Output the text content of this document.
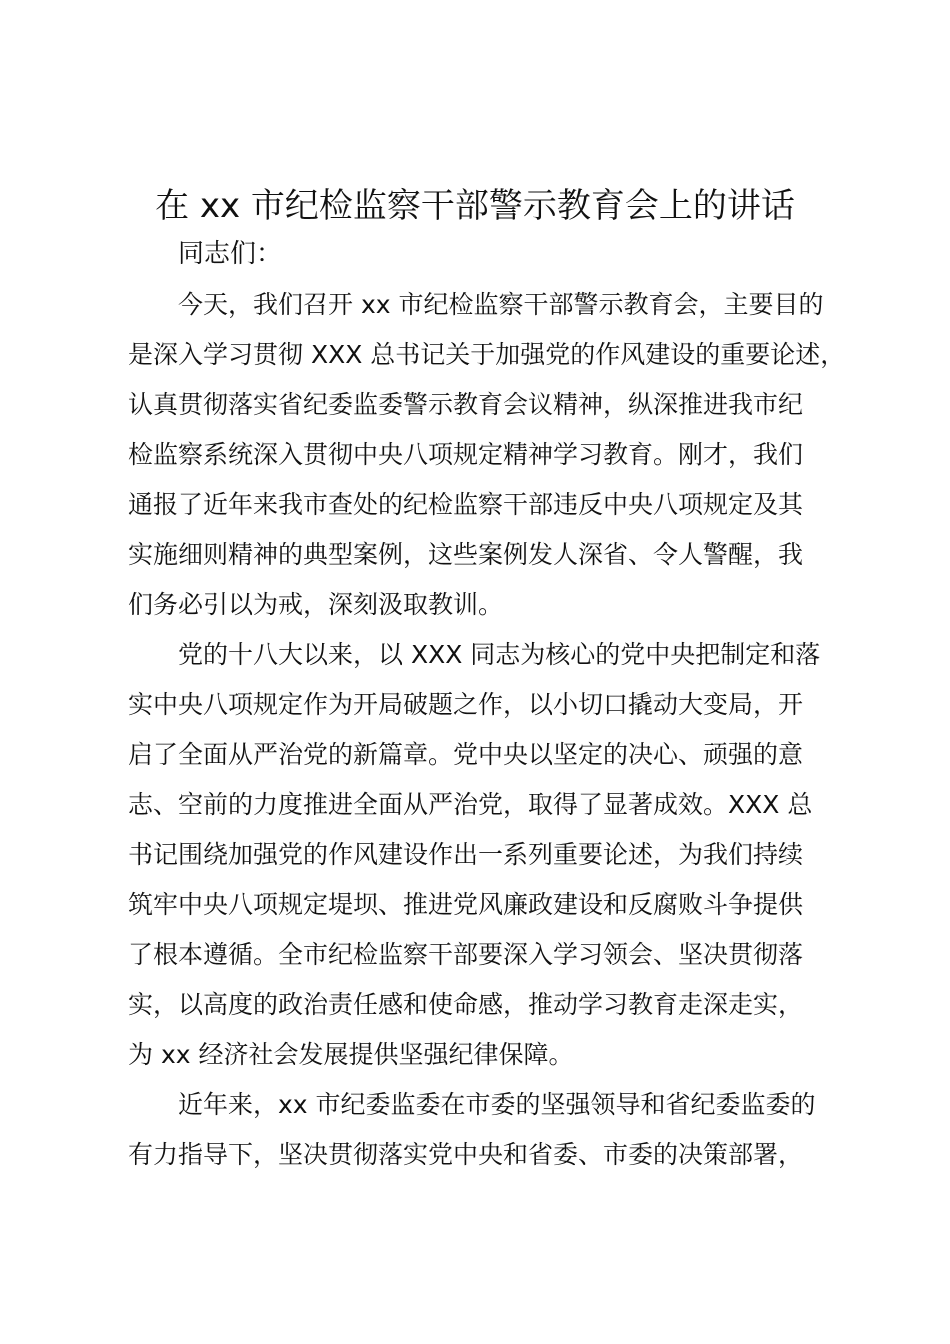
在 xx 市纪检监察干部警示教育会上的讲话
同志们：
　　今天，我们召开 xx 市纪检监察干部警示教育会，主要目的
是深入学习贯彻 XXX 总书记关于加强党的作风建设的重要论述，
认真贯彻落实省纪委监委警示教育会议精神，纵深推进我市纪
检监察系统深入贯彻中央八项规定精神学习教育。刚才，我们
通报了近年来我市查处的纪检监察干部违反中央八项规定及其
实施细则精神的典型案例，这些案例发人深省、令人警醒，我
们务必引以为戒，深刻汲取教训。
　　党的十八大以来，以 XXX 同志为核心的党中央把制定和落
实中央八项规定作为开局破题之作，以小切口撬动大变局，开
启了全面从严治党的新篇章。党中央以坚定的决心、顽强的意
志、空前的力度推进全面从严治党，取得了显著成效。XXX 总
书记围绕加强党的作风建设作出一系列重要论述，为我们持续
筑牢中央八项规定堤坝、推进党风廉政建设和反腐败斗争提供
了根本遵循。全市纪检监察干部要深入学习领会、坚决贯彻落
实，以高度的政治责任感和使命感，推动学习教育走深走实，
为 xx 经济社会发展提供坚强纪律保障。
　　近年来，xx 市纪委监委在市委的坚强领导和省纪委监委的
有力指导下，坚决贯彻落实党中央和省委、市委的决策部署，
